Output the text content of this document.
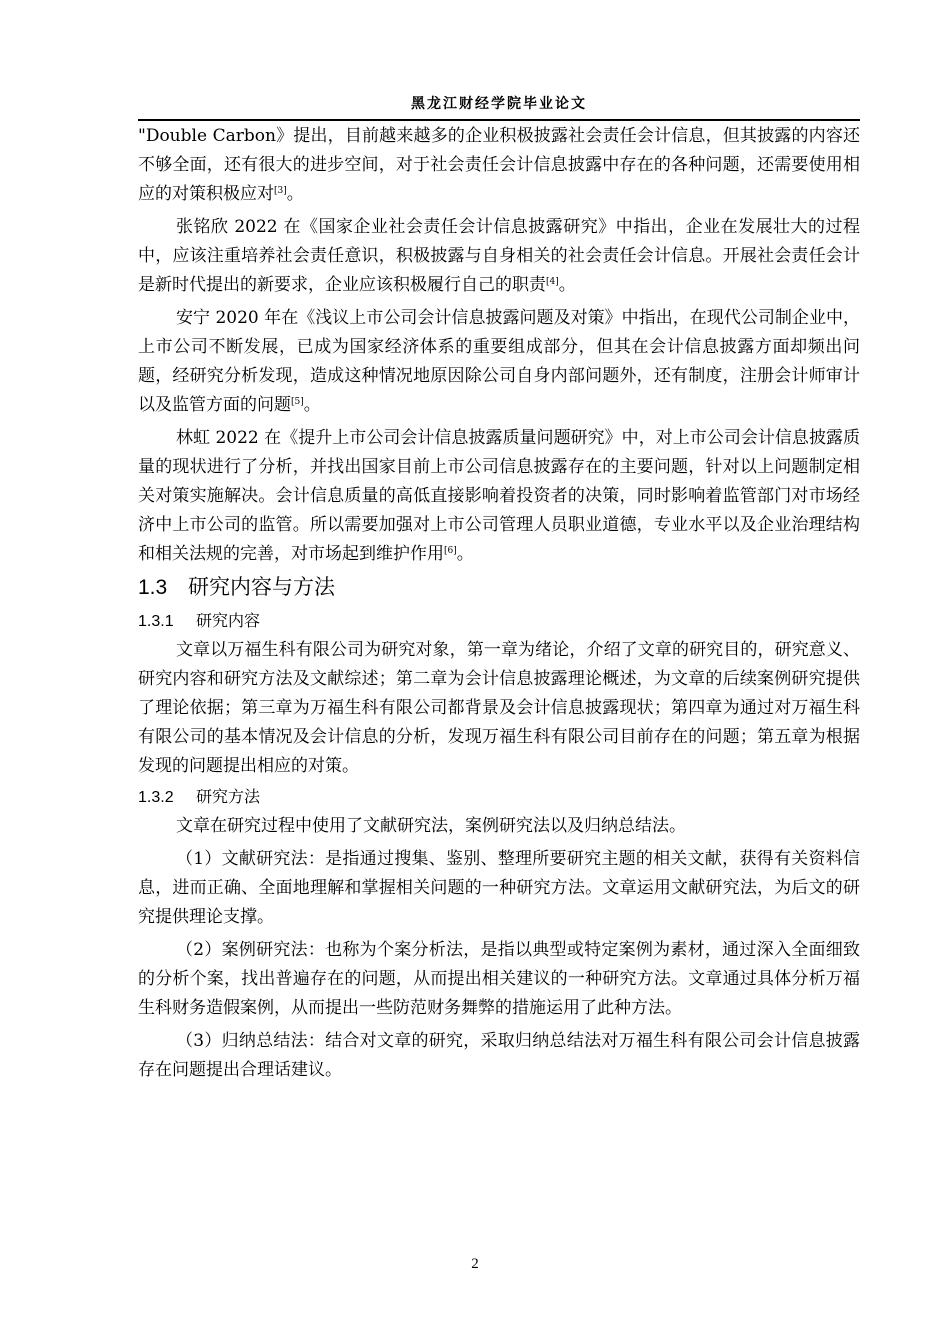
黑龙江财经学院毕业论文

"Double Carbon》提出，目前越来越多的企业积极披露社会责任会计信息，但其披露的内容还不够全面，还有很大的进步空间，对于社会责任会计信息披露中存在的各种问题，还需要使用相应的对策积极应对[3]。

张铭欣 2022 在《国家企业社会责任会计信息披露研究》中指出，企业在发展壮大的过程中，应该注重培养社会责任意识，积极披露与自身相关的社会责任会计信息。开展社会责任会计是新时代提出的新要求，企业应该积极履行自己的职责[4]。

安宁 2020 年在《浅议上市公司会计信息披露问题及对策》中指出，在现代公司制企业中，上市公司不断发展，已成为国家经济体系的重要组成部分，但其在会计信息披露方面却频出问题，经研究分析发现，造成这种情况地原因除公司自身内部问题外，还有制度，注册会计师审计以及监管方面的问题[5]。

林虹 2022 在《提升上市公司会计信息披露质量问题研究》中，对上市公司会计信息披露质量的现状进行了分析，并找出国家目前上市公司信息披露存在的主要问题，针对以上问题制定相关对策实施解决。会计信息质量的高低直接影响着投资者的决策，同时影响着监管部门对市场经济中上市公司的监管。所以需要加强对上市公司管理人员职业道德，专业水平以及企业治理结构和相关法规的完善，对市场起到维护作用[6]。

1.3 研究内容与方法
1.3.1 研究内容

文章以万福生科有限公司为研究对象，第一章为绪论，介绍了文章的研究目的，研究意义、研究内容和研究方法及文献综述；第二章为会计信息披露理论概述，为文章的后续案例研究提供了理论依据；第三章为万福生科有限公司都背景及会计信息披露现状；第四章为通过对万福生科有限公司的基本情况及会计信息的分析，发现万福生科有限公司目前存在的问题；第五章为根据发现的问题提出相应的对策。

1.3.2 研究方法

文章在研究过程中使用了文献研究法，案例研究法以及归纳总结法。

（1）文献研究法：是指通过搜集、鉴别、整理所要研究主题的相关文献，获得有关资料信息，进而正确、全面地理解和掌握相关问题的一种研究方法。文章运用文献研究法，为后文的研究提供理论支撑。

（2）案例研究法：也称为个案分析法，是指以典型或特定案例为素材，通过深入全面细致的分析个案，找出普遍存在的问题，从而提出相关建议的一种研究方法。文章通过具体分析万福生科财务造假案例，从而提出一些防范财务舞弊的措施运用了此种方法。

（3）归纳总结法：结合对文章的研究，采取归纳总结法对万福生科有限公司会计信息披露存在问题提出合理话建议。

2
